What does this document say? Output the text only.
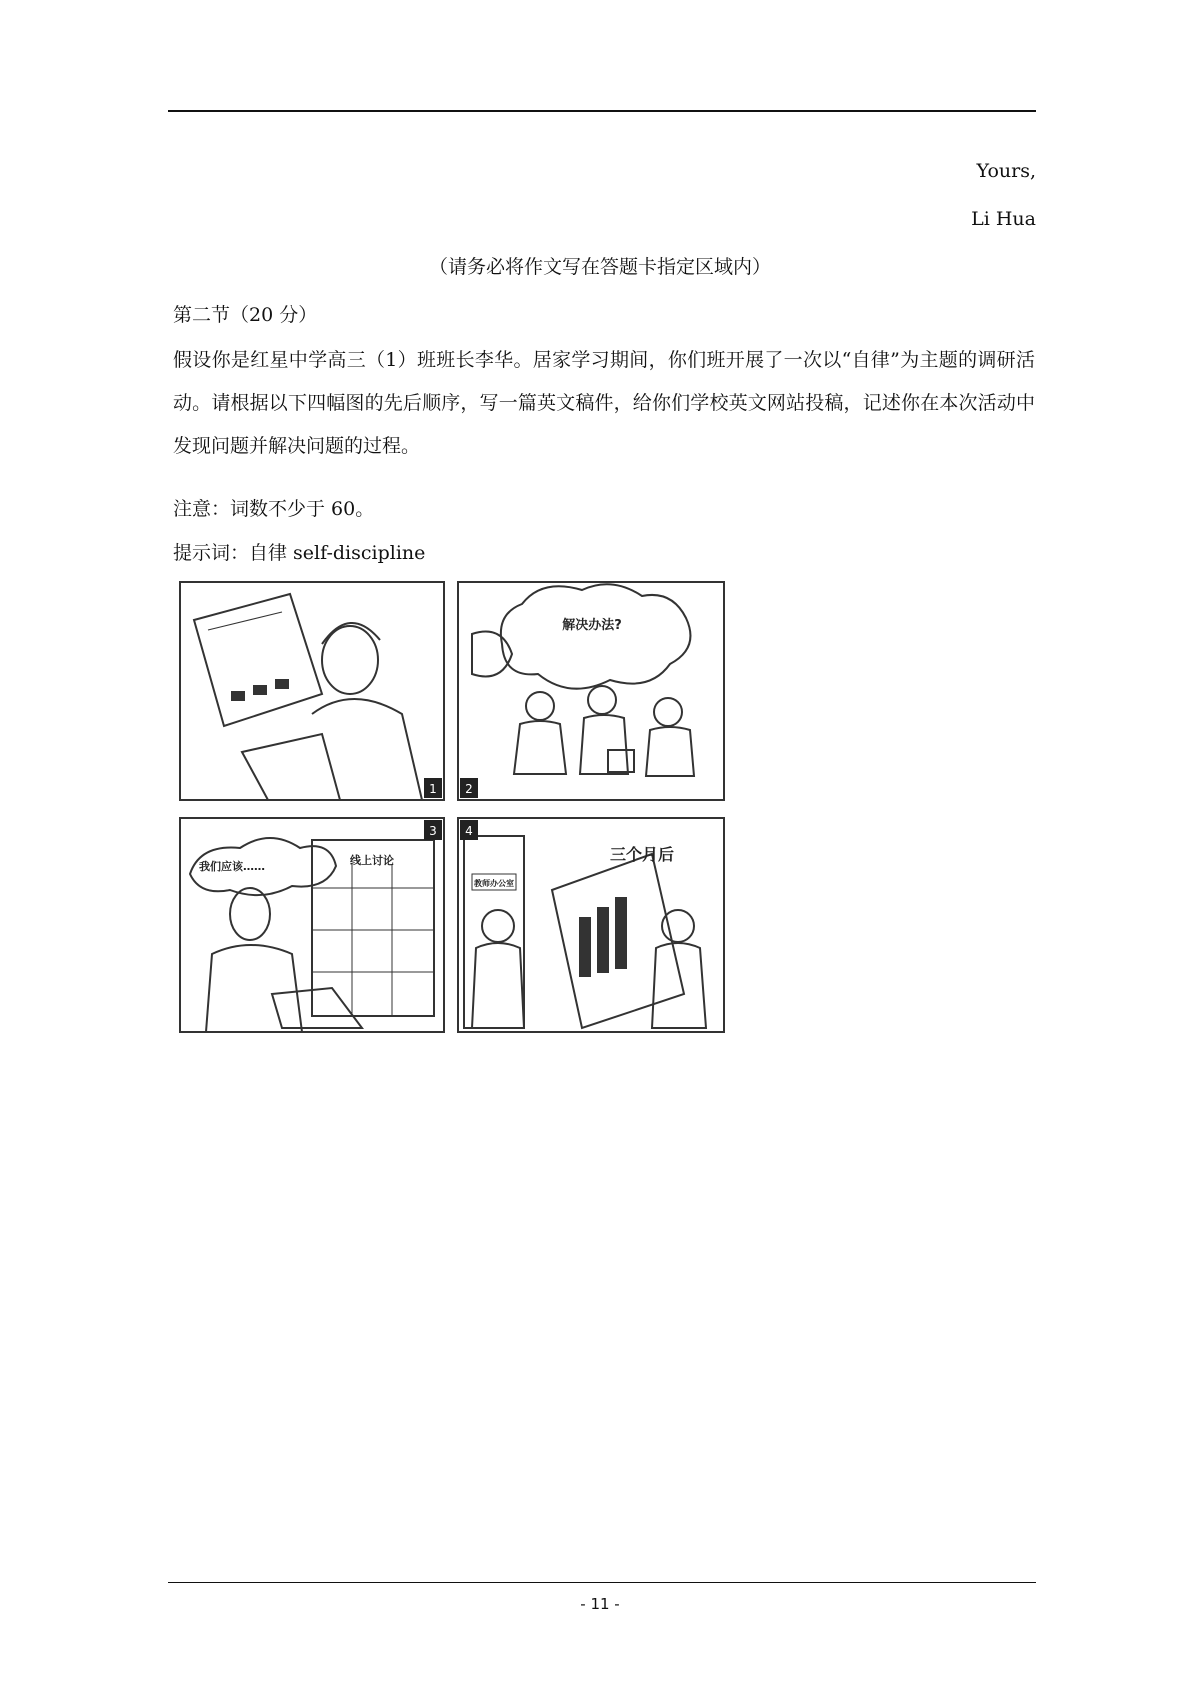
Yours,
Li Hua
（请务必将作文写在答题卡指定区域内）
第二节（20 分）
假设你是红星中学高三（1）班班长李华。居家学习期间，你们班开展了一次以“自律”为主题的调研活动。请根据以下四幅图的先后顺序，写一篇英文稿件，给你们学校英文网站投稿，记述你在本次活动中发现问题并解决问题的过程。
注意：词数不少于 60。
提示词：自律 self-discipline
1 2
3 4
解决办法?
我们应该……	线上讨论	三个月后
教师办公室
- 11 -
